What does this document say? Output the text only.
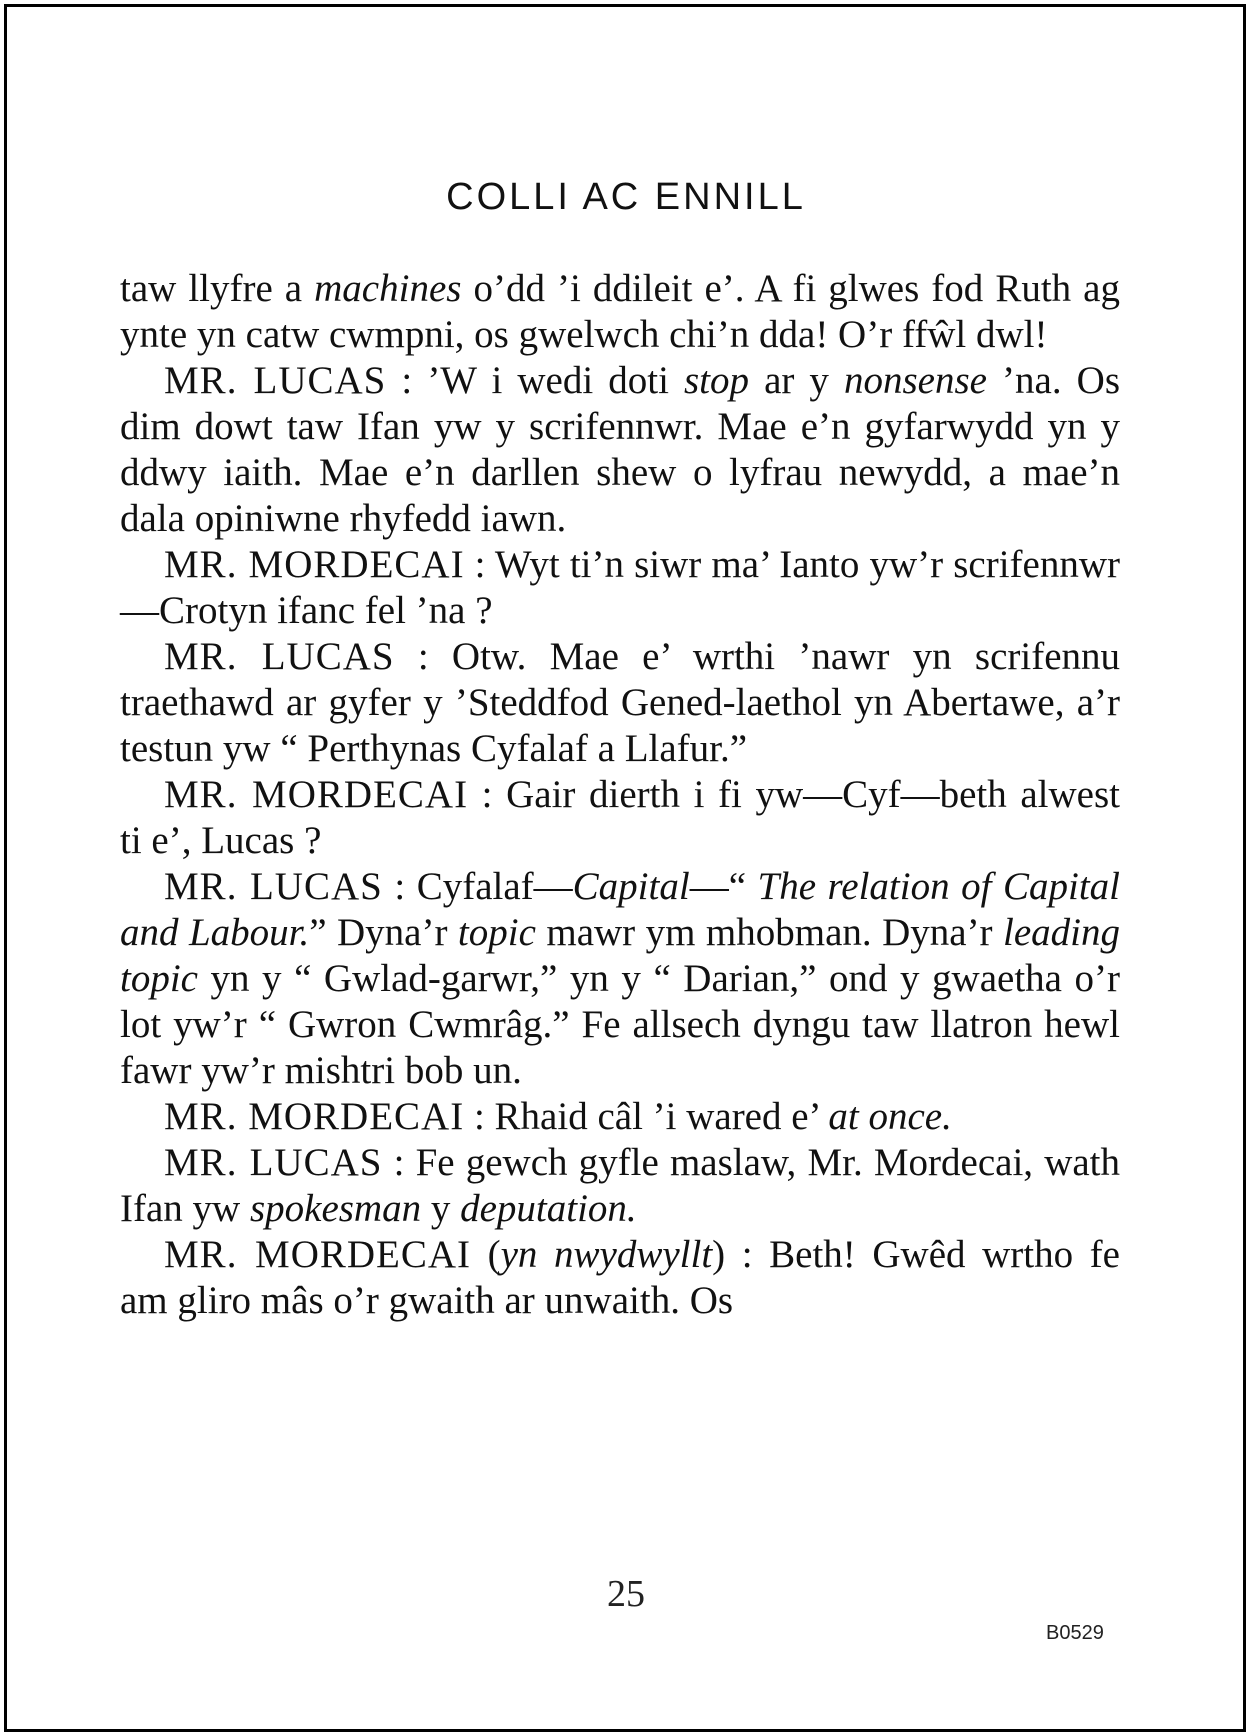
COLLI AC ENNILL

taw llyfre a machines o’dd ’i ddileit e’. A fi glwes fod Ruth ag ynte yn catw cwmpni, os gwelwch chi’n dda! O’r ffŵl dwl!

MR. LUCAS : ’W i wedi doti stop ar y nonsense ’na. Os dim dowt taw Ifan yw y scrifennwr. Mae e’n gyfarwydd yn y ddwy iaith. Mae e’n darllen shew o lyfrau newydd, a mae’n dala opiniwne rhyfedd iawn.

MR. MORDECAI : Wyt ti’n siwr ma’ Ianto yw’r scrifennwr—Crotyn ifanc fel ’na ?

MR. LUCAS : Otw. Mae e’ wrthi ’nawr yn scrifennu traethawd ar gyfer y ’Steddfod Gened-laethol yn Abertawe, a’r testun yw “ Perthynas Cyfalaf a Llafur.”

MR. MORDECAI : Gair dierth i fi yw—Cyf—beth alwest ti e’, Lucas ?

MR. LUCAS : Cyfalaf—Capital—“ The relation of Capital and Labour.” Dyna’r topic mawr ym mhobman. Dyna’r leading topic yn y “ Gwlad-garwr,” yn y “ Darian,” ond y gwaetha o’r lot yw’r “ Gwron Cwmrâg.” Fe allsech dyngu taw llatron hewl fawr yw’r mishtri bob un.

MR. MORDECAI : Rhaid câl ’i wared e’ at once.

MR. LUCAS : Fe gewch gyfle maslaw, Mr. Mordecai, wath Ifan yw spokesman y deputation.

MR. MORDECAI (yn nwydwyllt) : Beth! Gwêd wrtho fe am gliro mâs o’r gwaith ar unwaith. Os

25
B0529
